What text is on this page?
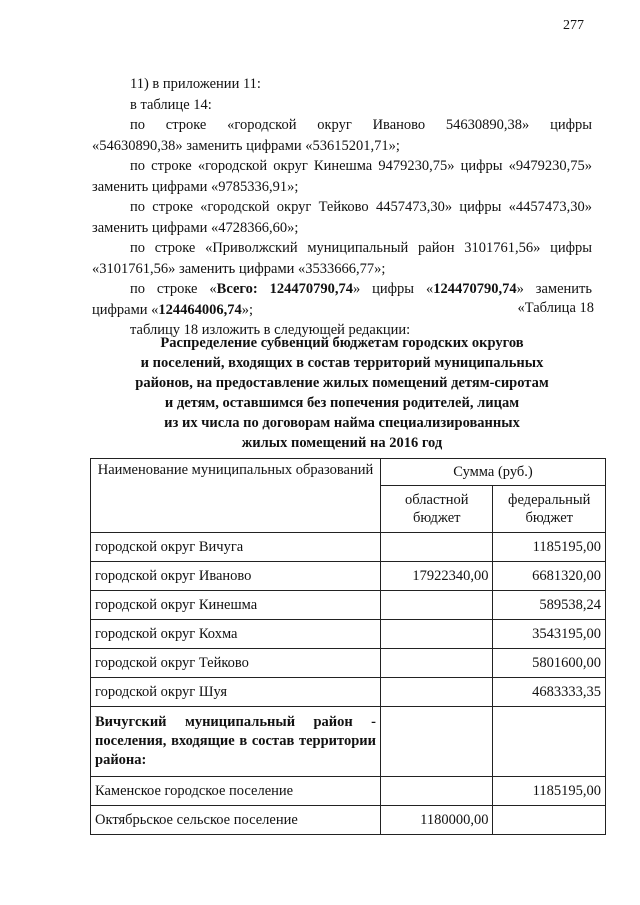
277
11) в приложении 11:
в таблице 14:
по строке «городской округ Иваново 54630890,38» цифры
«54630890,38» заменить цифрами «53615201,71»;
по строке «городской округ Кинешма 9479230,75» цифры «9479230,75»
заменить цифрами «9785336,91»;
по строке «городской округ Тейково 4457473,30» цифры «4457473,30»
заменить цифрами «4728366,60»;
по строке «Приволжский муниципальный район 3101761,56» цифры
«3101761,56» заменить цифрами «3533666,77»;
по строке «Всего: 124470790,74» цифры «124470790,74» заменить
цифрами «124464006,74»;
таблицу 18 изложить в следующей редакции:
«Таблица 18
Распределение субвенций бюджетам городских округов
и поселений, входящих в состав территорий муниципальных
районов, на предоставление жилых помещений детям-сиротам
и детям, оставшимся без попечения родителей, лицам
из их числа по договорам найма специализированных
жилых помещений на 2016 год
Наименование муниципальных образований	Сумма (руб.)	
	областной бюджет	федеральный бюджет
городской округ Вичуга		1185195,00
городской округ Иваново	17922340,00	6681320,00
городской округ Кинешма		589538,24
городской округ Кохма		3543195,00
городской округ Тейково		5801600,00
городской округ Шуя		4683333,35
Вичугский муниципальный район - поселения, входящие в состав территории района:		
Каменское городское поселение		1185195,00
Октябрьское сельское поселение	1180000,00	
